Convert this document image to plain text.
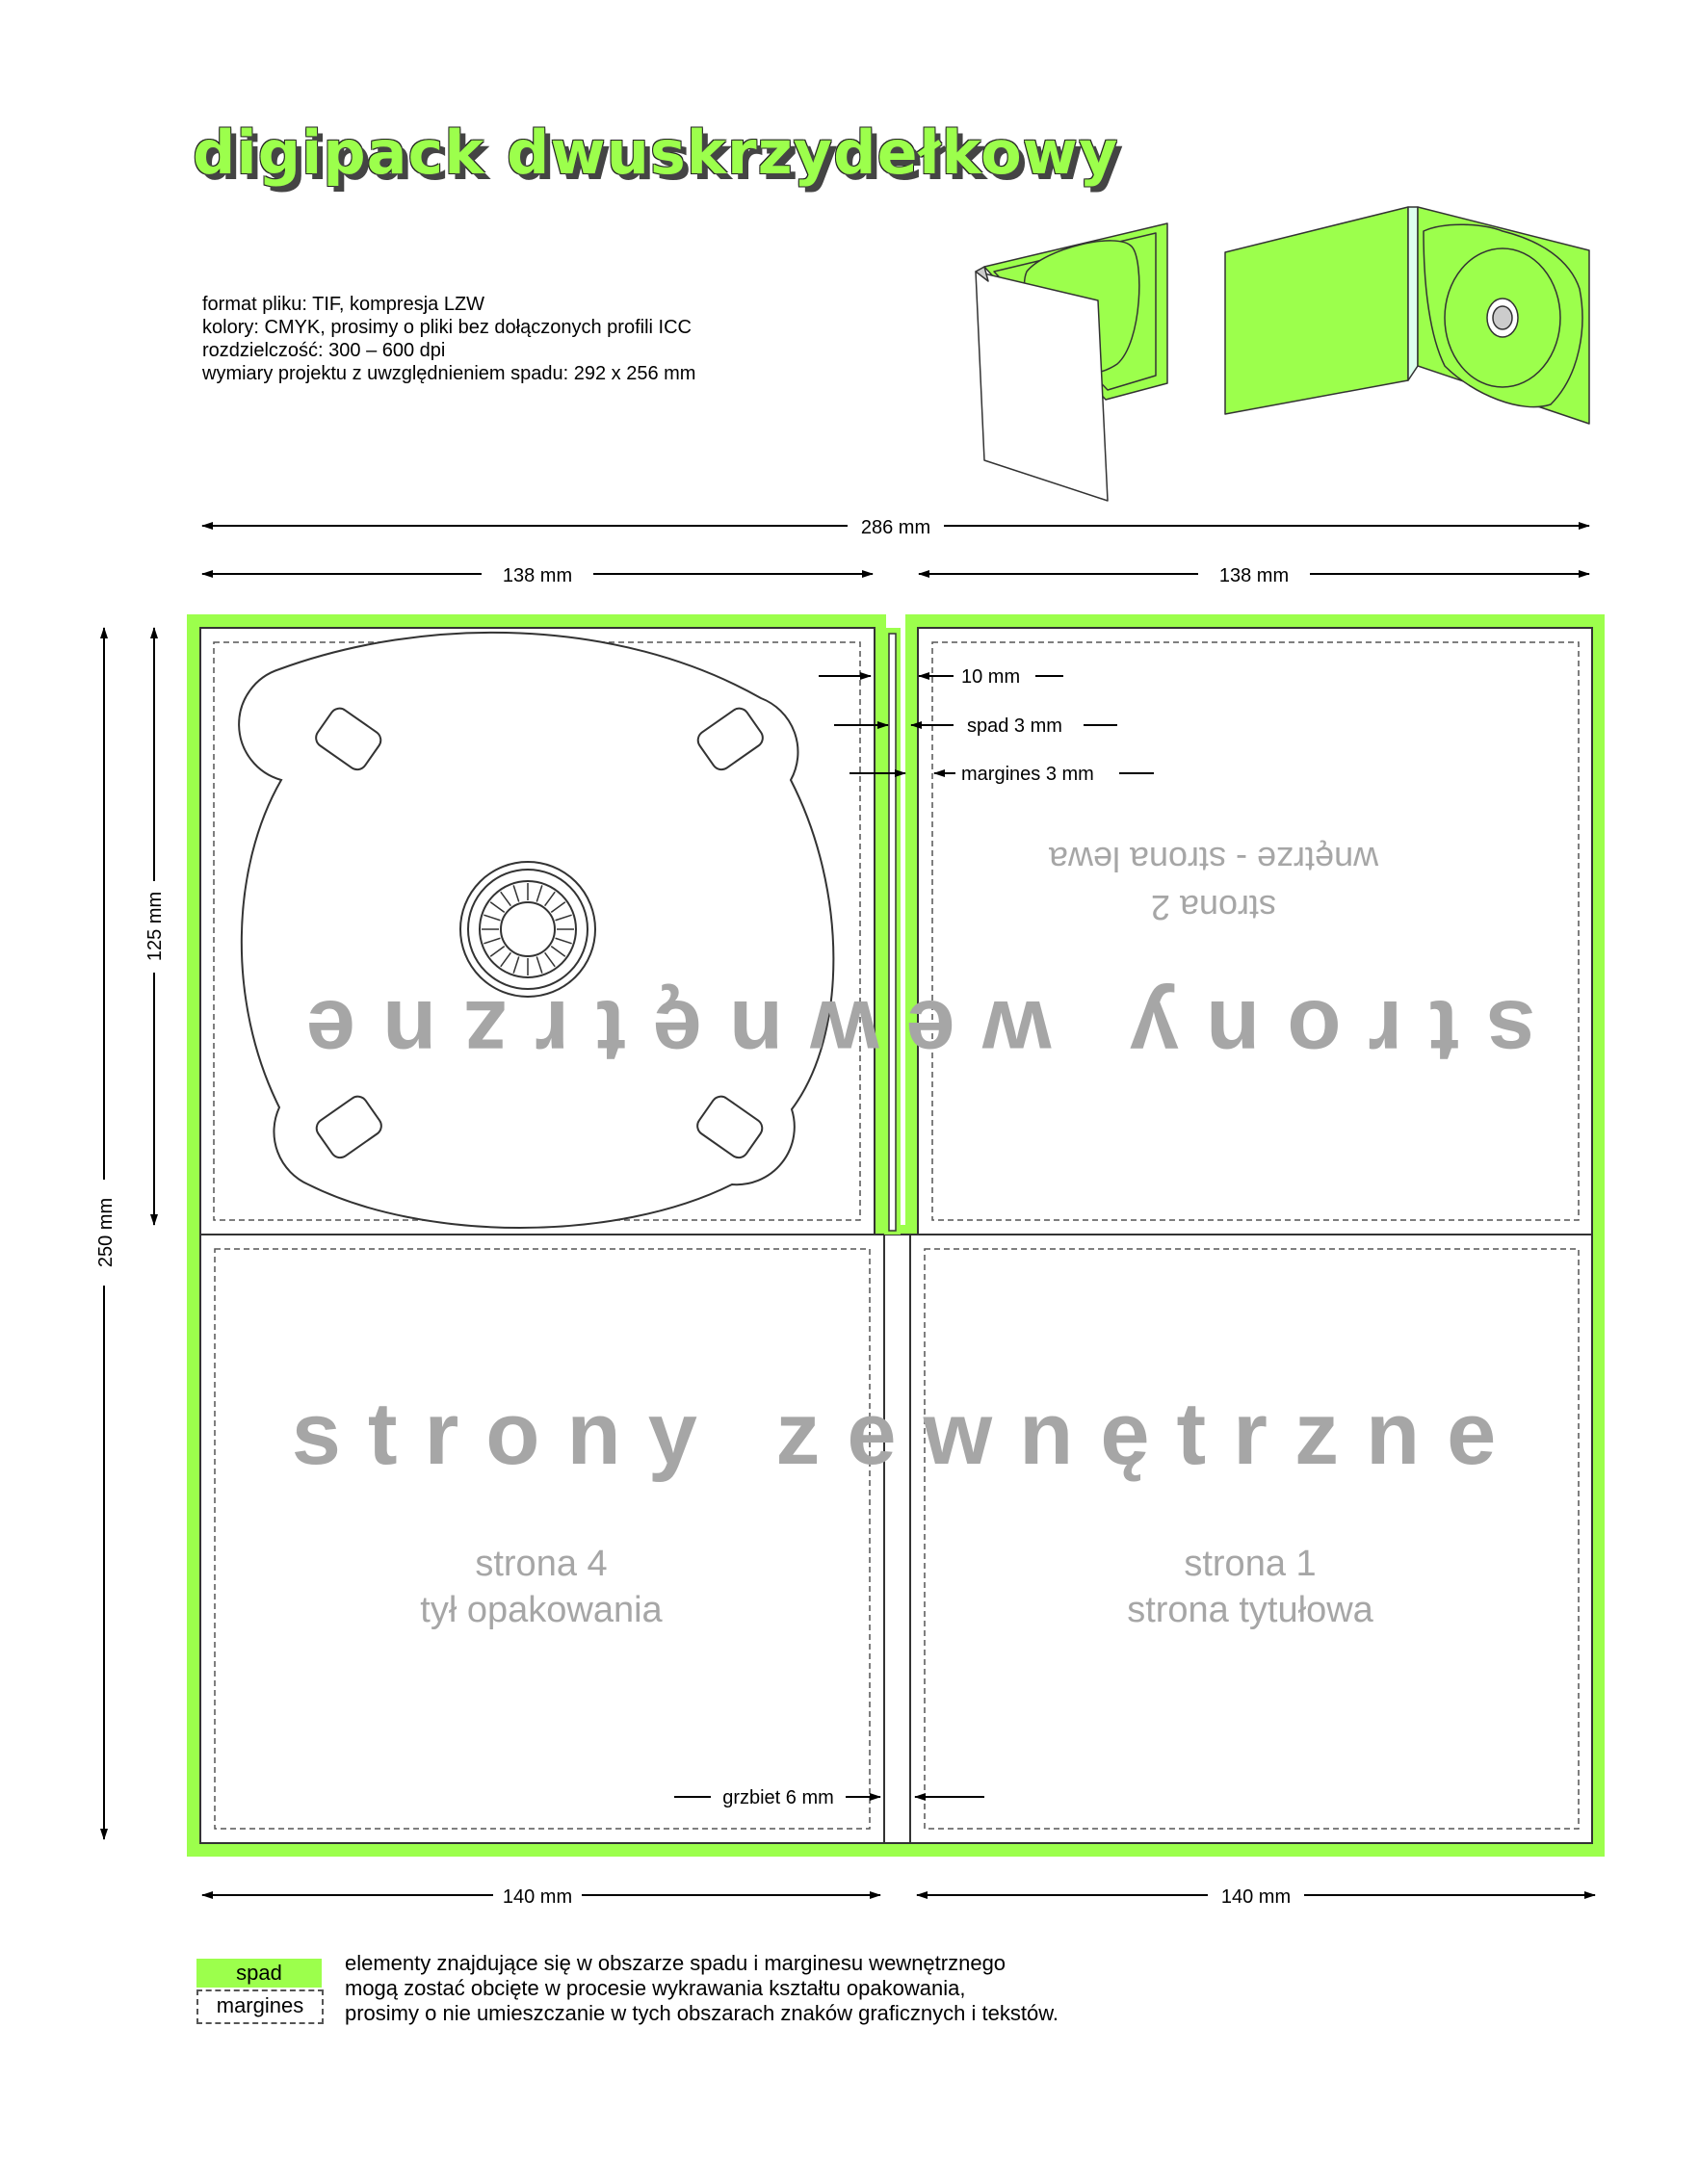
286 mm
138 mm	138 mm
250 mm
125 mm
strony wewnętrzne
strona 2
wnętrze - strona lewa
strony zewnętrzne
strona 4
tył opakowania
strona 1
strona tytułowa
10 mm
spad 3 mm
margines 3 mm
grzbiet 6 mm
140 mm	140 mm
digipack dwuskrzydełkowy
format pliku: TIF, kompresja LZW
kolory: CMYK, prosimy o pliki bez dołączonych profili ICC
rozdzielczość: 300 – 600 dpi
wymiary projektu z uwzględnieniem spadu: 292 x 256 mm
spad
margines
elementy znajdujące się w obszarze spadu i marginesu wewnętrznego
mogą zostać obcięte w procesie wykrawania kształtu opakowania,
prosimy o nie umieszczanie w tych obszarach znaków graficznych i tekstów.
